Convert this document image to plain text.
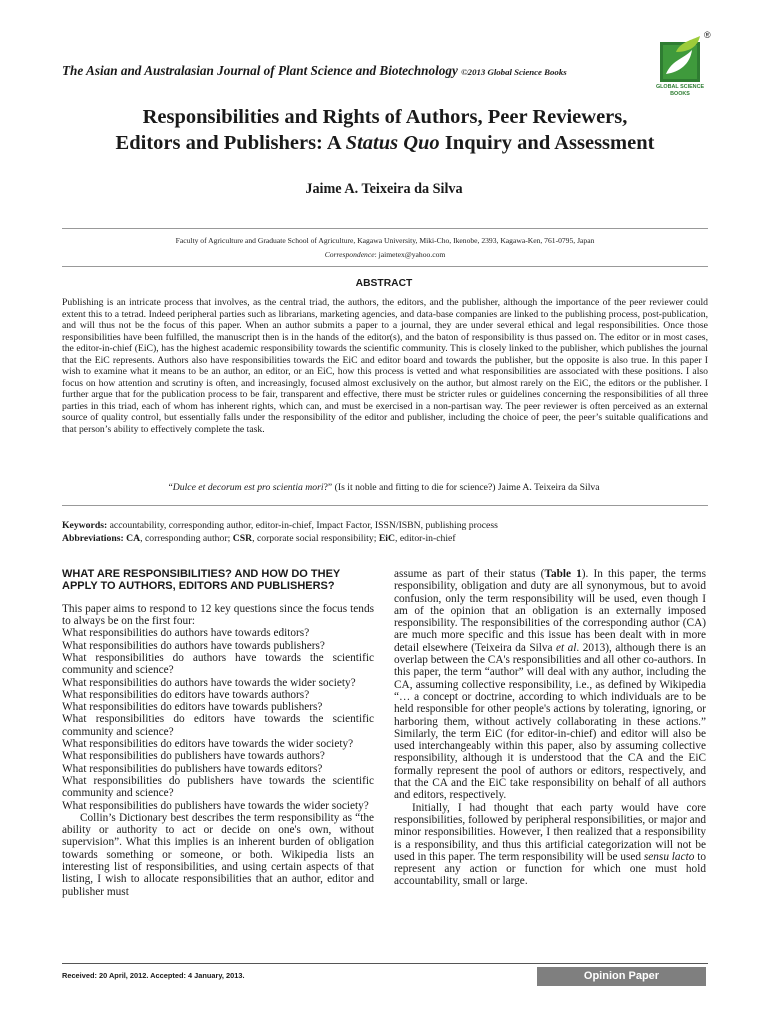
The Asian and Australasian Journal of Plant Science and Biotechnology ©2013 Global Science Books
®
GLOBAL SCIENCE
BOOKS
Responsibilities and Rights of Authors, Peer Reviewers,
Editors and Publishers: A Status Quo Inquiry and Assessment
Jaime A. Teixeira da Silva
Faculty of Agriculture and Graduate School of Agriculture, Kagawa University, Miki-Cho, Ikenobe, 2393, Kagawa-Ken, 761-0795, Japan
Correspondence: jaimetex@yahoo.com
ABSTRACT
Publishing is an intricate process that involves, as the central triad, the authors, the editors, and the publisher, although the importance of the peer reviewer could extent this to a tetrad. Indeed peripheral parties such as librarians, marketing agencies, and data-base companies are linked to the publishing process, post-publication, and will thus not be the focus of this paper. When an author submits a paper to a journal, they are under several ethical and legal responsibilities. Once those responsibilities have been fulfilled, the manuscript then is in the hands of the editor(s), and the baton of responsibility is thus passed on. The editor or in most cases, the editor-in-chief (EiC), has the highest academic responsibility towards the scientific community. This is closely linked to the publisher, which publishes the journal that the EiC represents. Authors also have responsibilities towards the EiC and editor board and towards the publisher, but the opposite is also true. In this paper I wish to examine what it means to be an author, an editor, or an EiC, how this process is vetted and what responsibilities are associated with these positions. I also focus on how attention and scrutiny is often, and increasingly, focused almost exclusively on the author, but almost rarely on the EiC, the editors or the publisher. I further argue that for the publication process to be fair, transparent and effective, there must be stricter rules or guidelines concerning the responsibilities of all three parties in this triad, each of whom has inherent rights, which can, and must be exercised in a non-partisan way. The peer reviewer is often perceived as an external source of quality control, but essentially falls under the responsibility of the editor and publisher, including the choice of peer, the peer’s suitable qualifications and that person’s ability to effectively complete the task.
“Dulce et decorum est pro scientia mori?” (Is it noble and fitting to die for science?) Jaime A. Teixeira da Silva
Keywords: accountability, corresponding author, editor-in-chief, Impact Factor, ISSN/ISBN, publishing process
Abbreviations: CA, corresponding author; CSR, corporate social responsibility; EiC, editor-in-chief
WHAT ARE RESPONSIBILITIES? AND HOW DO THEY APPLY TO AUTHORS, EDITORS AND PUBLISHERS?

This paper aims to respond to 12 key questions since the focus tends to always be on the first four:

What responsibilities do authors have towards editors?

What responsibilities do authors have towards publishers?

What responsibilities do authors have towards the scientific community and science?

What responsibilities do authors have towards the wider society?

What responsibilities do editors have towards authors?

What responsibilities do editors have towards publishers?

What responsibilities do editors have towards the scientific community and science?

What responsibilities do editors have towards the wider society?

What responsibilities do publishers have towards authors?

What responsibilities do publishers have towards editors?

What responsibilities do publishers have towards the scientific community and science?

What responsibilities do publishers have towards the wider society?

Collin’s Dictionary best describes the term responsibility as “the ability or authority to act or decide on one's own, without supervision”. What this implies is an inherent burden of obligation towards something or someone, or both. Wikipedia lists an interesting list of responsibilities, and using certain aspects of that listing, I wish to allocate responsibilities that an author, editor and publisher must

assume as part of their status (Table 1). In this paper, the terms responsibility, obligation and duty are all synonymous, but to avoid confusion, only the term responsibility will be used, even though I am of the opinion that an obligation is an externally imposed responsibility. The responsibilities of the corresponding author (CA) are much more specific and this issue has been dealt with in more detail elsewhere (Teixeira da Silva et al. 2013), although there is an overlap between the CA's responsibilities and all other co-authors. In this paper, the term “author” will deal with any author, including the CA, assuming collective responsibility, i.e., as defined by Wikipedia “… a concept or doctrine, according to which individuals are to be held responsible for other people's actions by tolerating, ignoring, or harboring them, without actively collaborating in these actions.” Similarly, the term EiC (for editor-in-chief) and editor will also be used interchangeably within this paper, also by assuming collective responsibility, although it is understood that the CA and the EiC formally represent the pool of authors or editors, respectively, and that the CA and the EiC take responsibility on behalf of all authors and editors, respectively.

Initially, I had thought that each party would have core responsibilities, followed by peripheral responsibilities, or major and minor responsibilities. However, I then realized that a responsibility is a responsibility, and thus this artificial categorization will not be used in this paper. The term responsibility will be used sensu lacto to represent any action or function for which one must hold accountability, small or large.

Received: 20 April, 2012. Accepted: 4 January, 2013.	Opinion Paper
